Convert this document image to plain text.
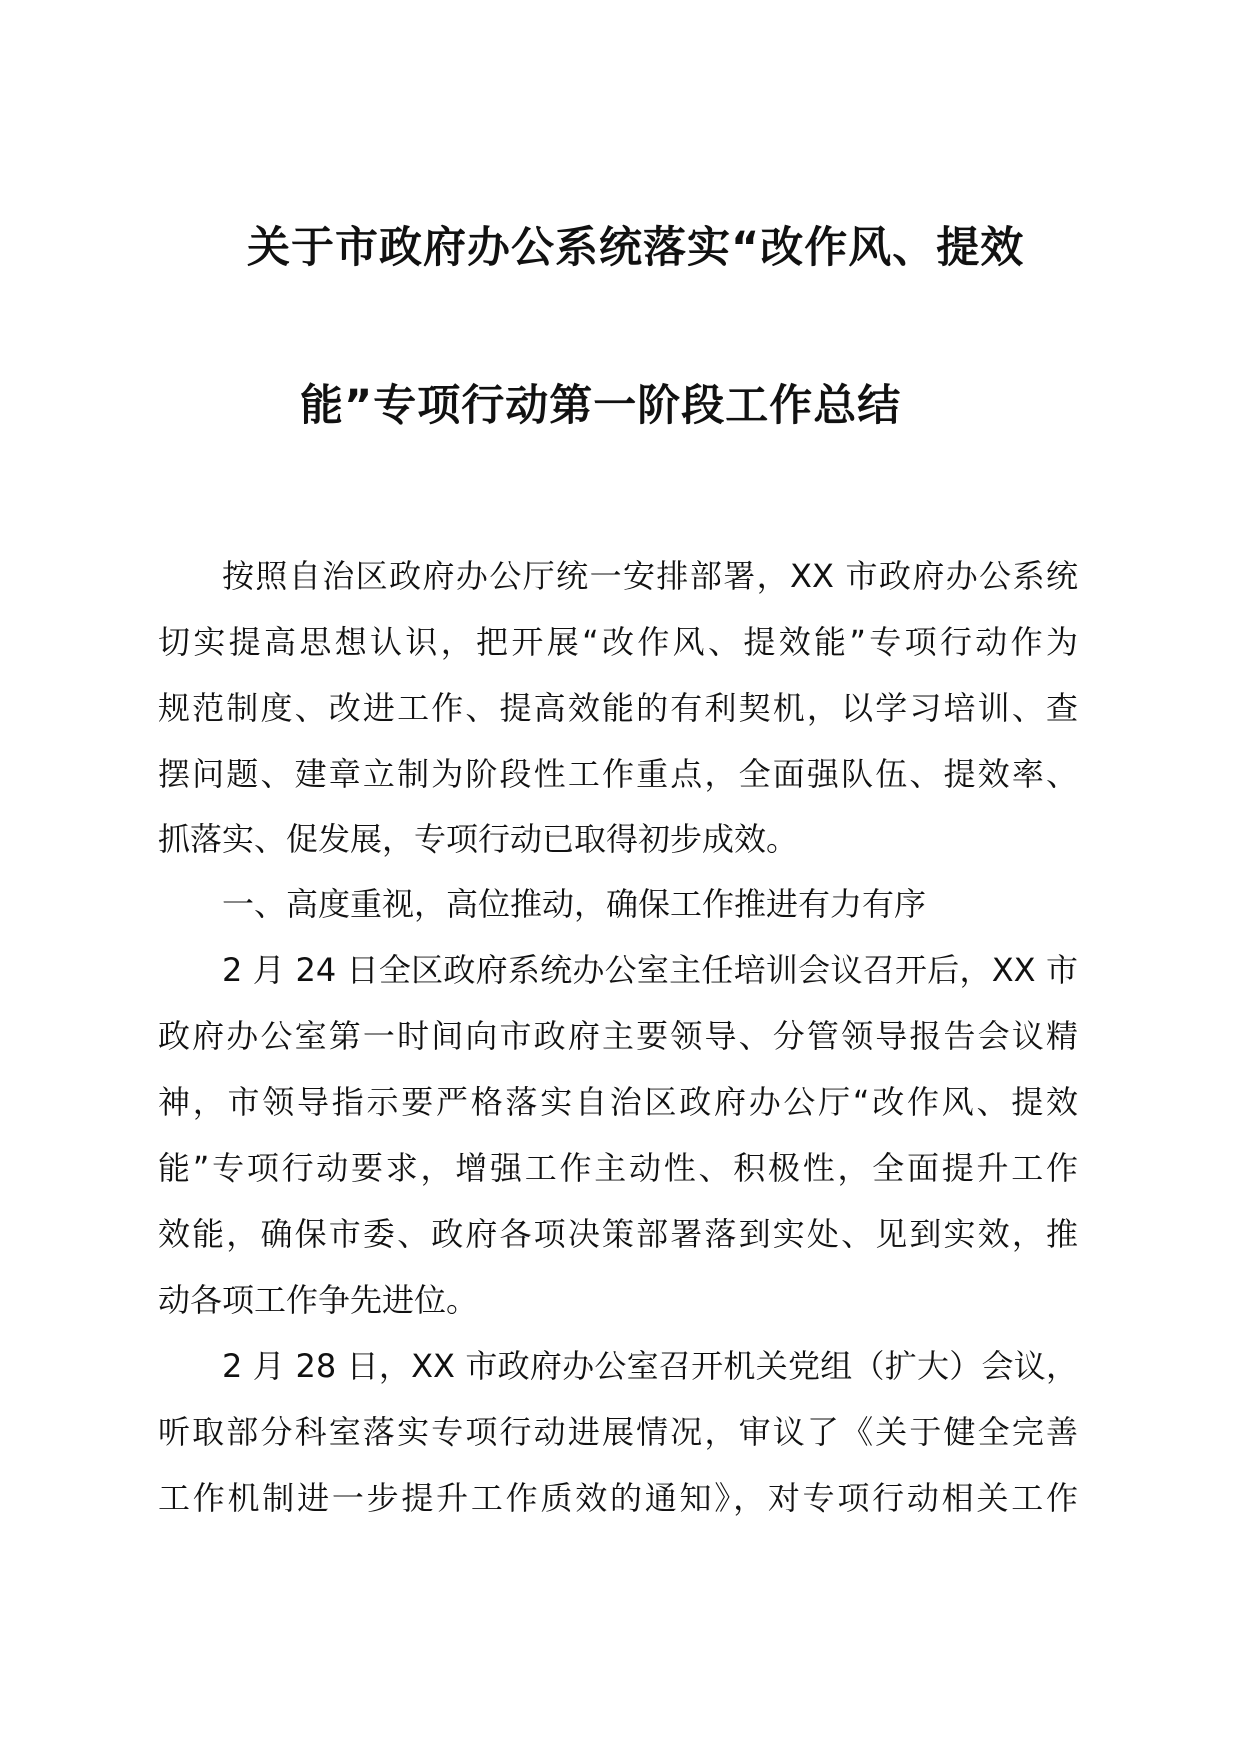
关于市政府办公系统落实“改作风、提效
能”专项行动第一阶段工作总结
按照自治区政府办公厅统一安排部署，XX 市政府办公系统
切实提高思想认识，把开展“改作风、提效能”专项行动作为
规范制度、改进工作、提高效能的有利契机，以学习培训、查
摆问题、建章立制为阶段性工作重点，全面强队伍、提效率、
抓落实、促发展，专项行动已取得初步成效。
一、高度重视，高位推动，确保工作推进有力有序
2 月 24 日全区政府系统办公室主任培训会议召开后，XX 市
政府办公室第一时间向市政府主要领导、分管领导报告会议精
神，市领导指示要严格落实自治区政府办公厅“改作风、提效
能”专项行动要求，增强工作主动性、积极性，全面提升工作
效能，确保市委、政府各项决策部署落到实处、见到实效，推
动各项工作争先进位。
2 月 28 日，XX 市政府办公室召开机关党组（扩大）会议，
听取部分科室落实专项行动进展情况，审议了《关于健全完善
工作机制进一步提升工作质效的通知》，对专项行动相关工作
